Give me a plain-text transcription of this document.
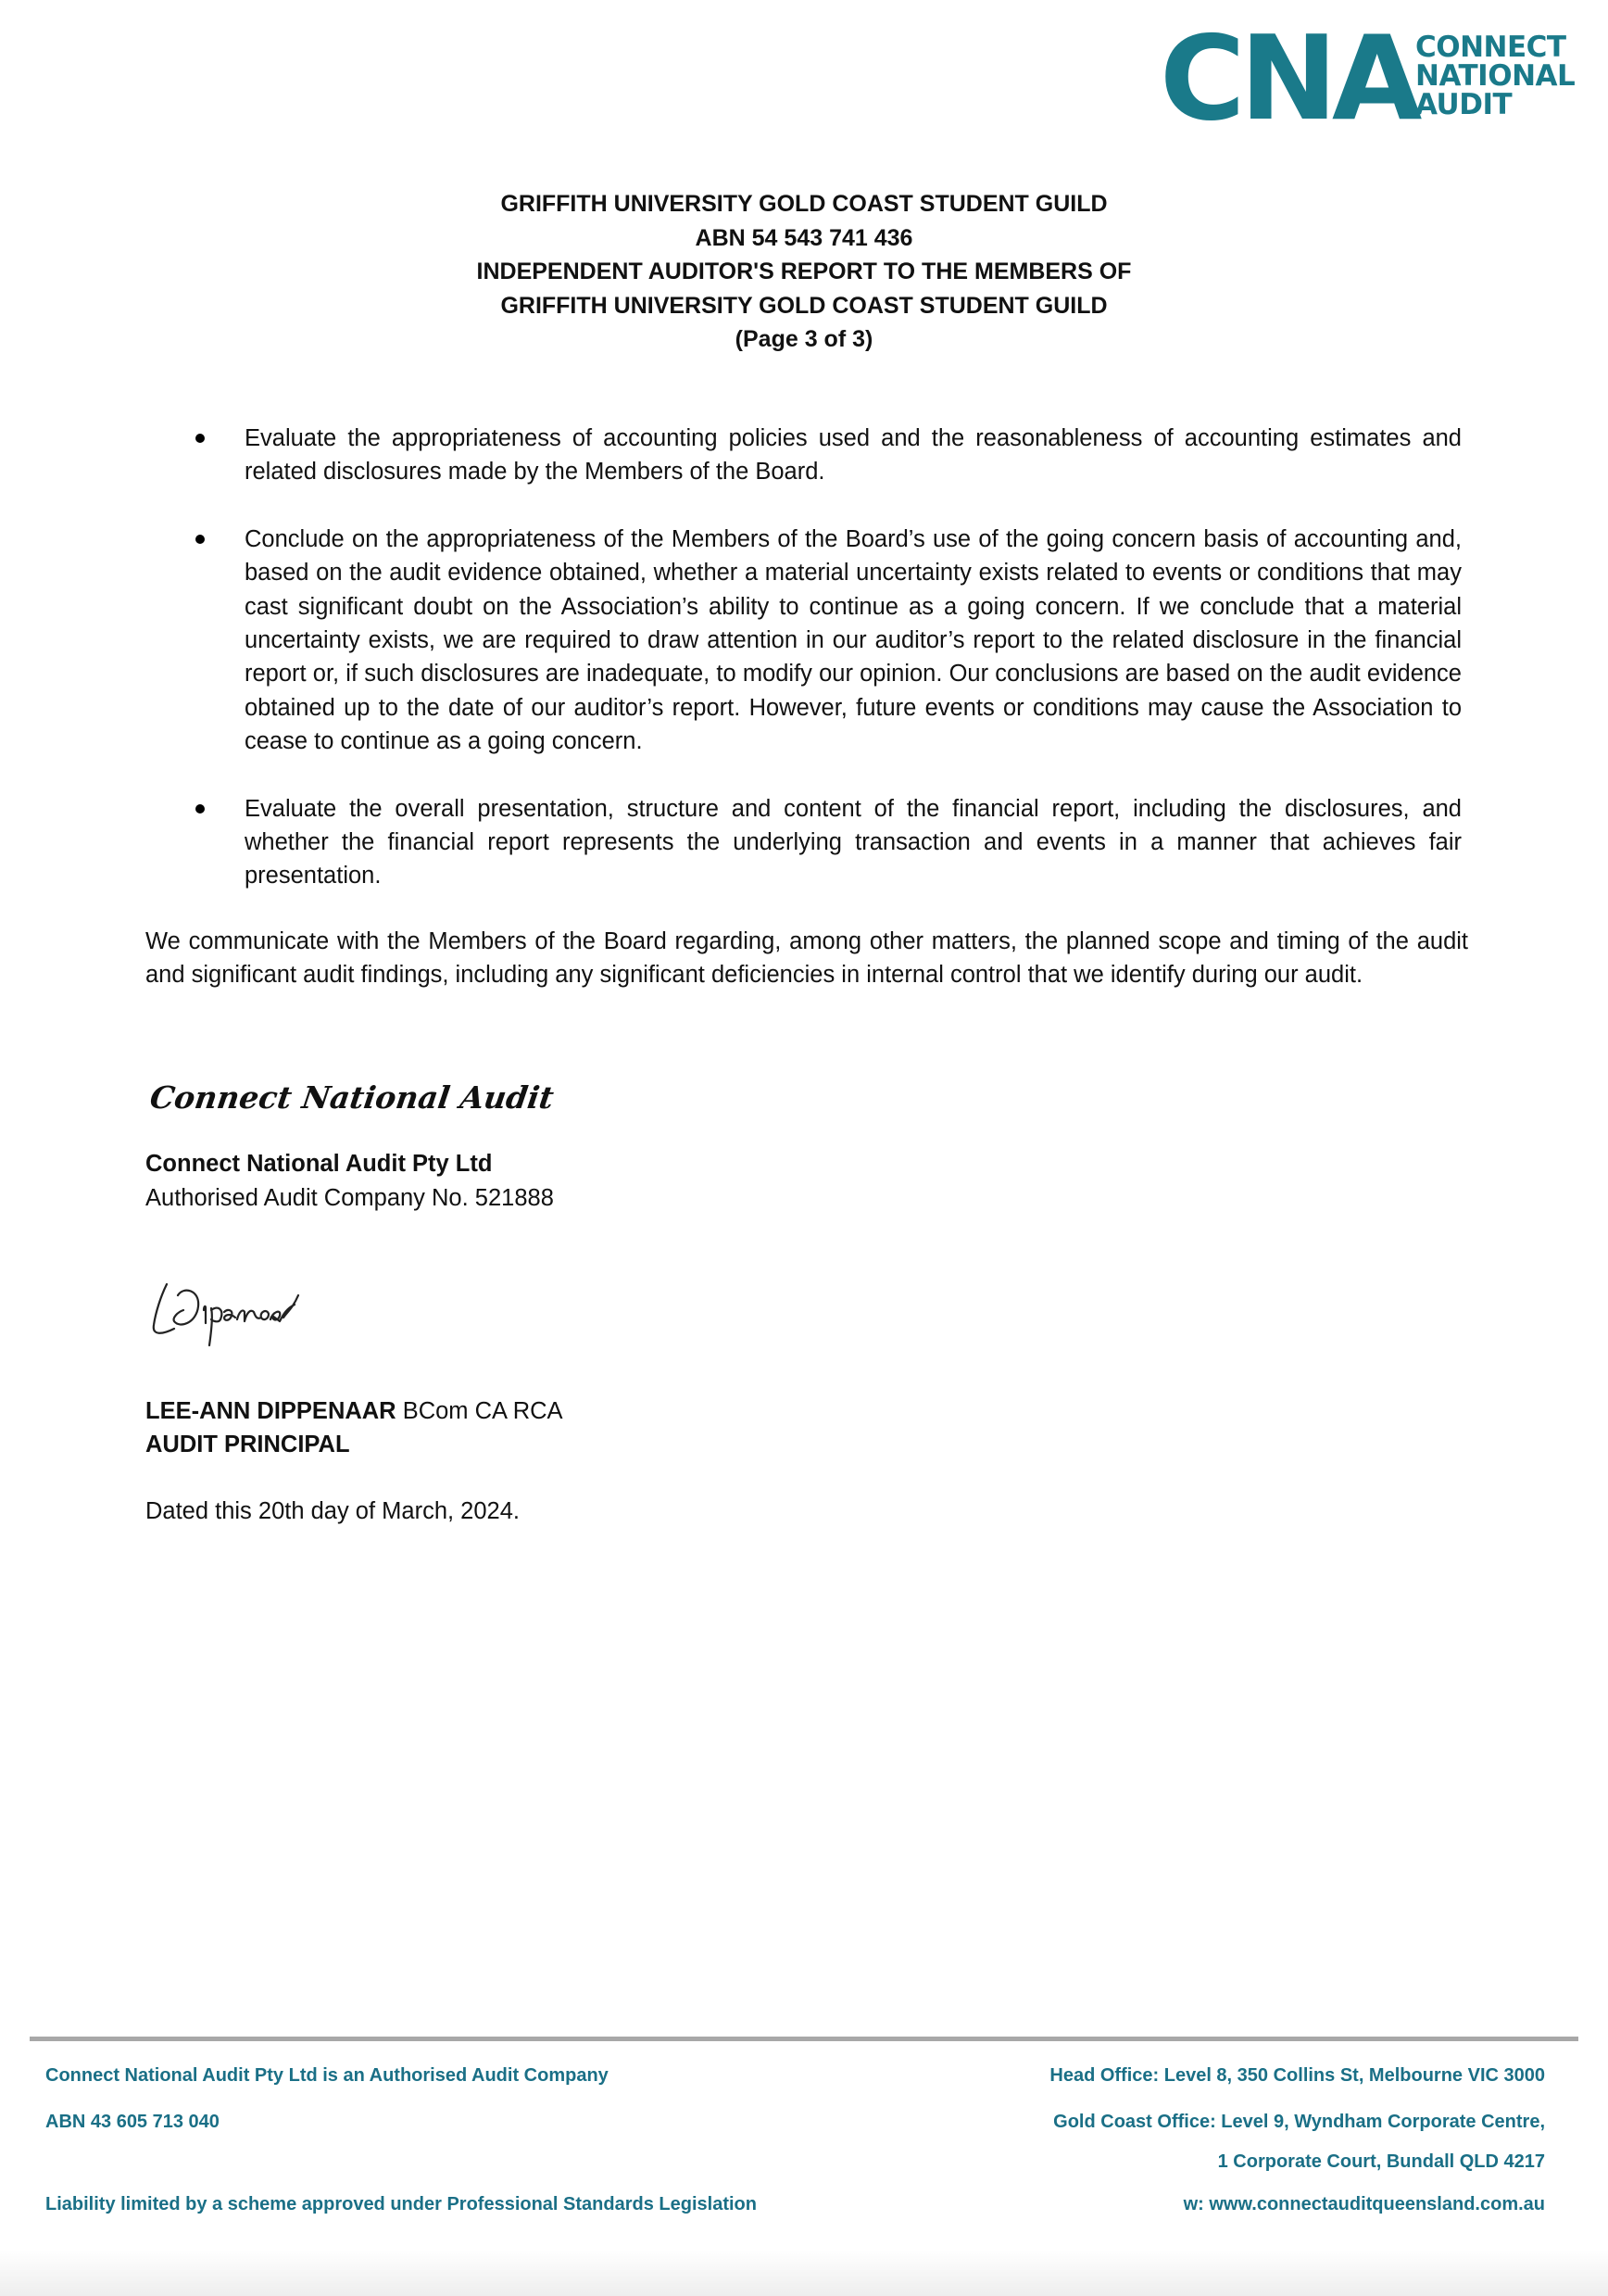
CNA
CONNECT
NATIONAL
AUDIT
GRIFFITH UNIVERSITY GOLD COAST STUDENT GUILD
ABN 54 543 741 436
INDEPENDENT AUDITOR'S REPORT TO THE MEMBERS OF
GRIFFITH UNIVERSITY GOLD COAST STUDENT GUILD
(Page 3 of 3)
Evaluate the appropriateness of accounting policies used and the reasonableness of accounting estimates and related disclosures made by the Members of the Board.
Conclude on the appropriateness of the Members of the Board’s use of the going concern basis of accounting and, based on the audit evidence obtained, whether a material uncertainty exists related to events or conditions that may cast significant doubt on the Association’s ability to continue as a going concern. If we conclude that a material uncertainty exists, we are required to draw attention in our auditor’s report to the related disclosure in the financial report or, if such disclosures are inadequate, to modify our opinion. Our conclusions are based on the audit evidence obtained up to the date of our auditor’s report. However, future events or conditions may cause the Association to cease to continue as a going concern.
Evaluate the overall presentation, structure and content of the financial report, including the disclosures, and whether the financial report represents the underlying transaction and events in a manner that achieves fair presentation.
We communicate with the Members of the Board regarding, among other matters, the planned scope and timing of the audit and significant audit findings, including any significant deficiencies in internal control that we identify during our audit.
Connect National Audit
Connect National Audit Pty Ltd
Authorised Audit Company No. 521888
LEE-ANN DIPPENAAR BCom CA RCA
AUDIT PRINCIPAL
Dated this 20th day of March, 2024.
Connect National Audit Pty Ltd is an Authorised Audit Company
ABN 43 605 713 040
Liability limited by a scheme approved under Professional Standards Legislation
Head Office: Level 8, 350 Collins St, Melbourne VIC 3000
Gold Coast Office: Level 9, Wyndham Corporate Centre,
1 Corporate Court, Bundall QLD 4217
w: www.connectauditqueensland.com.au
